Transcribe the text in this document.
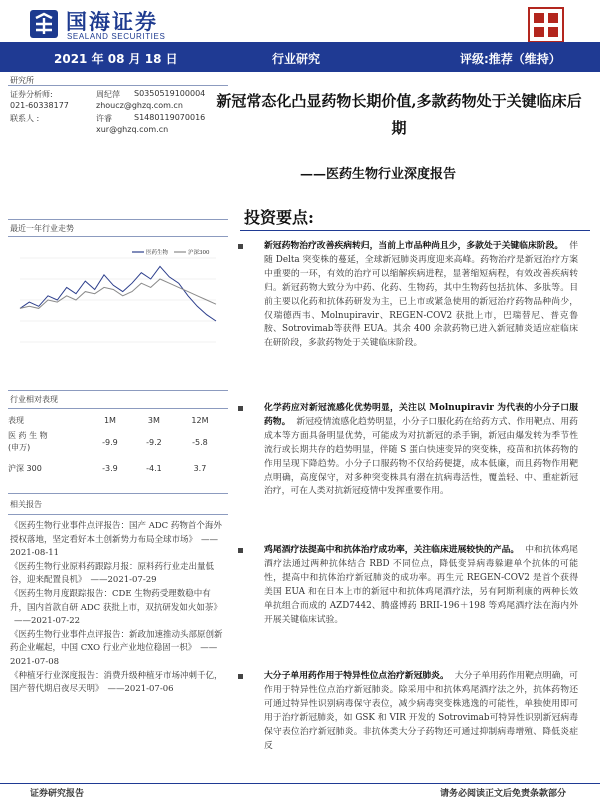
国海证券
SEALAND SECURITIES
2021 年 08 月 18 日	行业研究	评级:推荐（维持）
研究所
证券分析师:	周纪萍 S0350519100004
021-60338177	zhoucz@ghzq.com.cn
联系人 :	许睿	S1480119070016
xur@ghzq.com.cn
新冠常态化凸显药物长期价值,多款药物处于关键临床后期
——医药生物行业深度报告
最近一年行业走势
医药生物	沪深300
行业相对表现
表现	1M	3M	12M
医 药 生 物
(申万)	-9.9	-9.2	-5.8
沪深 300	-3.9	-4.1	3.7
相关报告

《医药生物行业事件点评报告：国产 ADC 药物首个海外授权落地，坚定看好本土创新势力布局全球市场》 ——2021-08-11

《医药生物行业原料药跟踪月报：原料药行业走出量低谷，迎来配置良机》 ——2021-07-29

《医药生物月度跟踪报告：CDE 生物药受理数稳中有升，国内首款自研 ADC 获批上市，双抗研发如火如荼》——2021-07-22

《医药生物行业事件点评报告：新政加速推动头部原创新药企业崛起，中国 CXO 行业产业地位稳固一枳》 ——2021-07-08

《种植牙行业深度报告：消费升级种植牙市场冲刺千亿，国产替代期启夜尽天明》 ——2021-07-06

投资要点:
新冠药物治疗改善疾病转归，当前上市品种尚且少，多款处于关键临床阶段。 伴随 Delta 突变株的蔓延，全球新冠肺炎再度迎来高峰。药物治疗是新冠治疗方案中重要的一环，有效的治疗可以缩解疾病进程，显著缩短病程，有效改善疾病转归。新冠药物大致分为中药、化药、生物药，其中生物药包括抗体、多肽等。目前主要以化药和抗体药研发为主，已上市或紧急使用的新冠治疗药物品种尚少，仅瑞德西韦、Molnupiravir、REGEN-COV2 获批上市，巴瑞替尼、普克鲁胺、Sotrovimab等获得 EUA。其余 400 余款药物已进入新冠肺炎适应症临床在研阶段，多款药物处于关键临床阶段。
化学药应对新冠流感化优势明显，关注以 Molnupiravir 为代表的小分子口服药物。 新冠疫情流感化趋势明显，小分子口服化药在给药方式、作用靶点、用药成本等方面具备明显优势，可能成为对抗新冠的杀手锏，新冠由爆发转为季节性流行或长期共存的趋势明显，伴随 S 蛋白快速变异的突变株，疫苗和抗体药物的作用呈现下降趋势。小分子口服药物不仅给药便捷，成本低廉，而且药物作用靶点明确，高度保守，对多种突变株具有潜在抗病毒活性，覆盖轻、中、重症新冠治疗，可在人类对抗新冠疫情中发挥重要作用。
鸡尾酒疗法提高中和抗体治疗成功率，关注临床进展较快的产品。 中和抗体鸡尾酒疗法通过两种抗体结合 RBD 不同位点，降低变异病毒躲避单个抗体的可能性，提高中和抗体治疗新冠肺炎的成功率。再生元 REGEN-COV2 是首个获得美国 EUA 和在日本上市的新冠中和抗体鸡尾酒疗法，另有阿斯利康的两种长效单抗组合而成的 AZD7442、腾盛博药 BRII-196＋198 等鸡尾酒疗法在海内外开展关键临床试验。
大分子单用药作用于特异性位点治疗新冠肺炎。 大分子单用药作用靶点明确，可作用于特异性位点治疗新冠肺炎。除采用中和抗体鸡尾酒疗法之外，抗体药物还可通过特异性识别病毒保守表位，减少病毒突变株逃逸的可能性，单独使用即可用于治疗新冠肺炎，如 GSK 和 VIR 开发的 Sotrovimab可特异性识别新冠病毒保守表位治疗新冠肺炎。非抗体类大分子药物还可通过抑制病毒增殖、降低炎症反
证券研究报告	请务必阅读正文后免责条款部分
